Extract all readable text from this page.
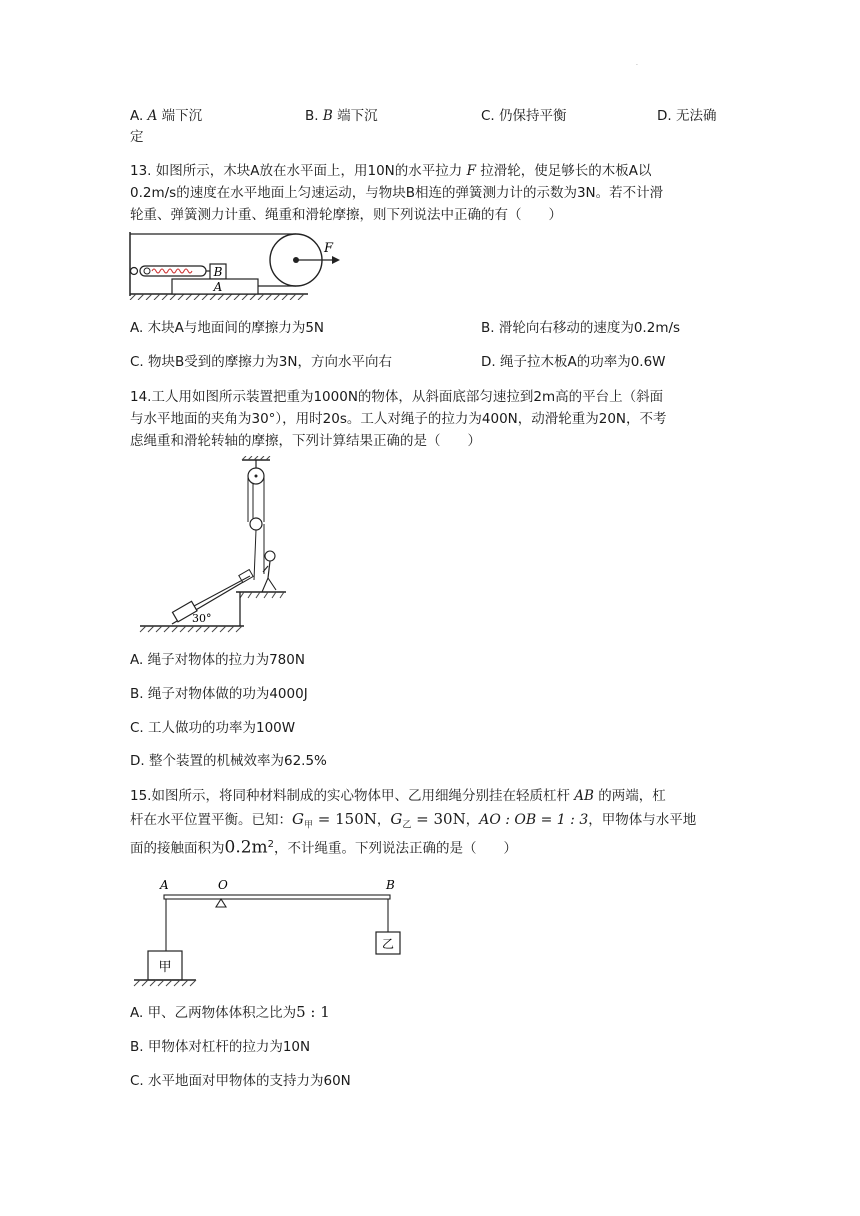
·
A. A 端下沉	B. B 端下沉	C. 仍保持平衡	D. 无法确
定
13. 如图所示，木块A放在水平面上，用10N的水平拉力 F 拉滑轮，使足够长的木板A以
0.2m/s的速度在水平地面上匀速运动，与物块B相连的弹簧测力计的示数为3N。若不计滑
轮重、弹簧测力计重、绳重和滑轮摩擦，则下列说法中正确的有（　　）
B
A
F
A. 木块A与地面间的摩擦力为5N	B. 滑轮向右移动的速度为0.2m/s
C. 物块B受到的摩擦力为3N，方向水平向右	D. 绳子拉木板A的功率为0.6W
14.工人用如图所示装置把重为1000N的物体，从斜面底部匀速拉到2m高的平台上（斜面
与水平地面的夹角为30°），用时20s。工人对绳子的拉力为400N，动滑轮重为20N，不考
虑绳重和滑轮转轴的摩擦，下列计算结果正确的是（　　）
30°
A. 绳子对物体的拉力为780N
B. 绳子对物体做的功为4000J
C. 工人做功的功率为100W
D. 整个装置的机械效率为62.5%
15.如图所示，将同种材料制成的实心物体甲、乙用细绳分别挂在轻质杠杆 AB 的两端，杠
杆在水平位置平衡。已知：$G_甲 = 150N$，$G_乙 = 30N$，AO : OB = 1 : 3，甲物体与水平地
面的接触面积为$0.2m^2$，不计绳重。下列说法正确的是（　　）
A	O	B
甲
乙
A. 甲、乙两物体体积之比为5 : 1
B. 甲物体对杠杆的拉力为10N
C. 水平地面对甲物体的支持力为60N
